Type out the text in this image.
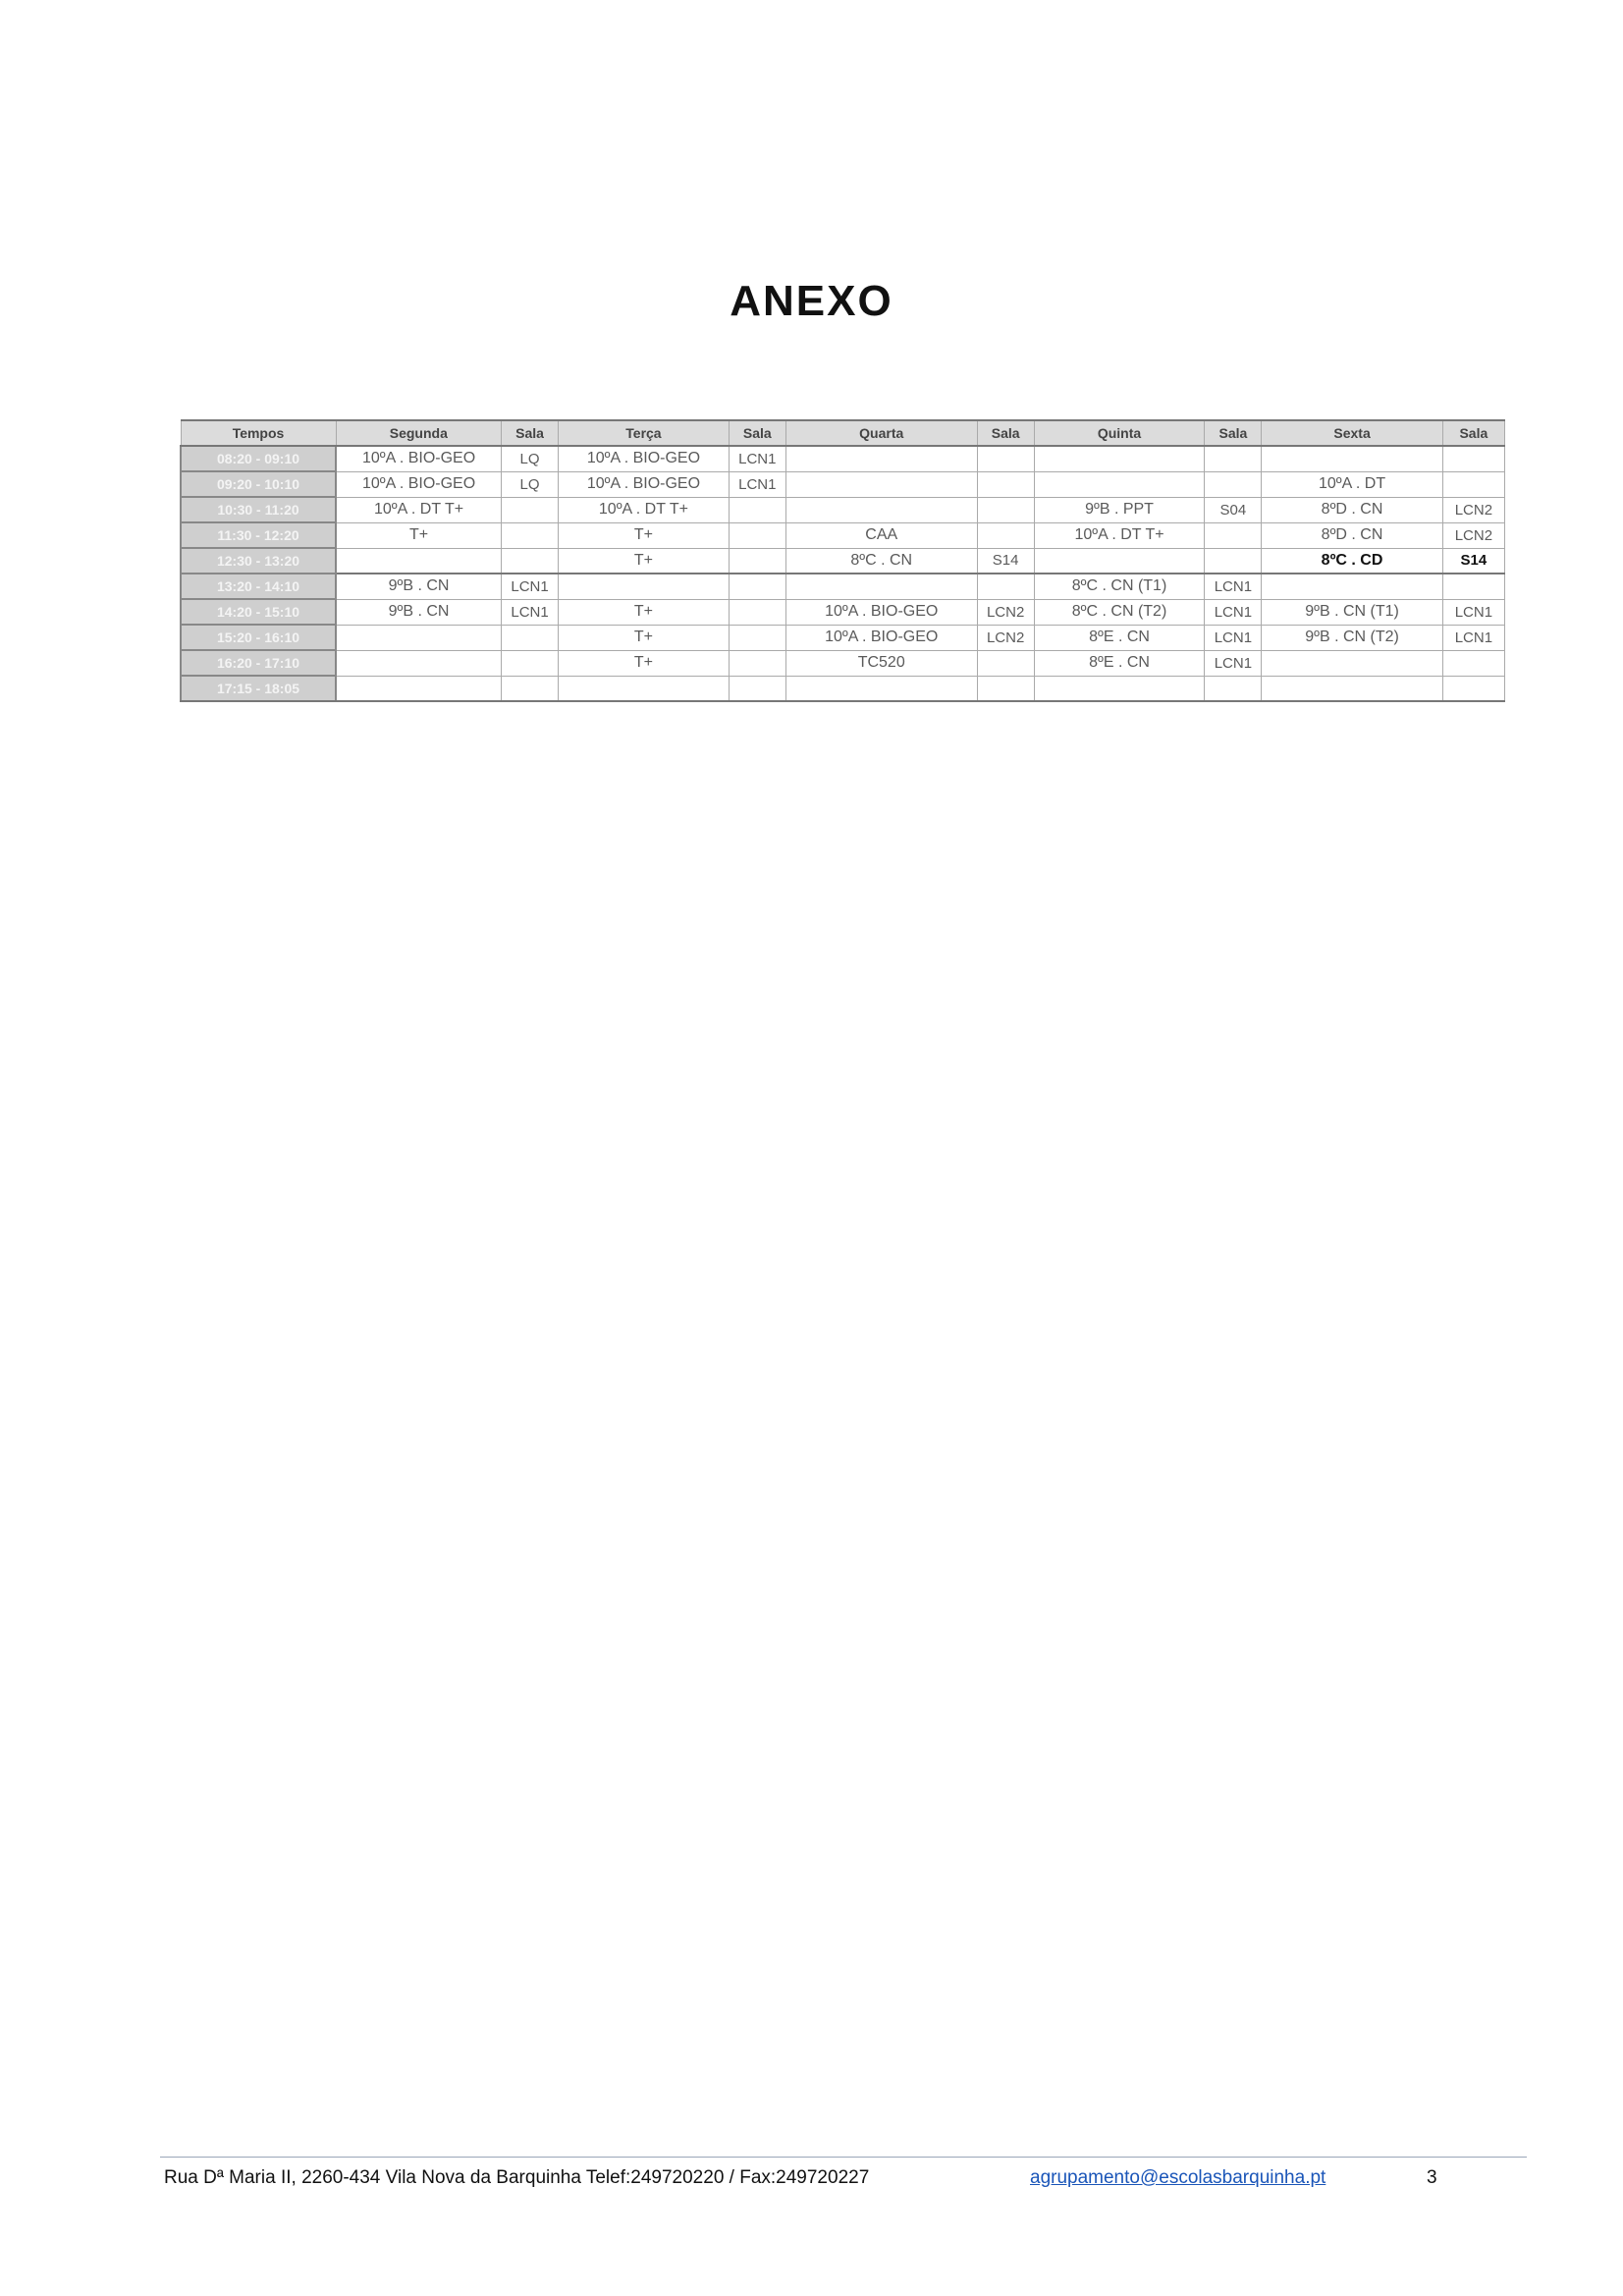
ANEXO
Tempos	Segunda	Sala	Terça	Sala	Quarta	Sala	Quinta	Sala	Sexta	Sala
08:20 - 09:10	10ºA . BIO-GEO	LQ	10ºA . BIO-GEO	LCN1						
09:20 - 10:10	10ºA . BIO-GEO	LQ	10ºA . BIO-GEO	LCN1					10ºA . DT	
10:30 - 11:20	10ºA . DT T+		10ºA . DT T+				9ºB . PPT	S04	8ºD . CN	LCN2
11:30 - 12:20	T+		T+		CAA		10ºA . DT T+		8ºD . CN	LCN2
12:30 - 13:20			T+		8ºC . CN	S14			8ºC . CD	S14
13:20 - 14:10	9ºB . CN	LCN1					8ºC . CN (T1)	LCN1		
14:20 - 15:10	9ºB . CN	LCN1	T+		10ºA . BIO-GEO	LCN2	8ºC . CN (T2)	LCN1	9ºB . CN (T1)	LCN1
15:20 - 16:10			T+		10ºA . BIO-GEO	LCN2	8ºE . CN	LCN1	9ºB . CN (T2)	LCN1
16:20 - 17:10			T+		TC520		8ºE . CN	LCN1		
17:15 - 18:05										
Rua Dª Maria II, 2260-434 Vila Nova da Barquinha Telef:249720220 / Fax:249720227	agrupamento@escolasbarquinha.pt	3
